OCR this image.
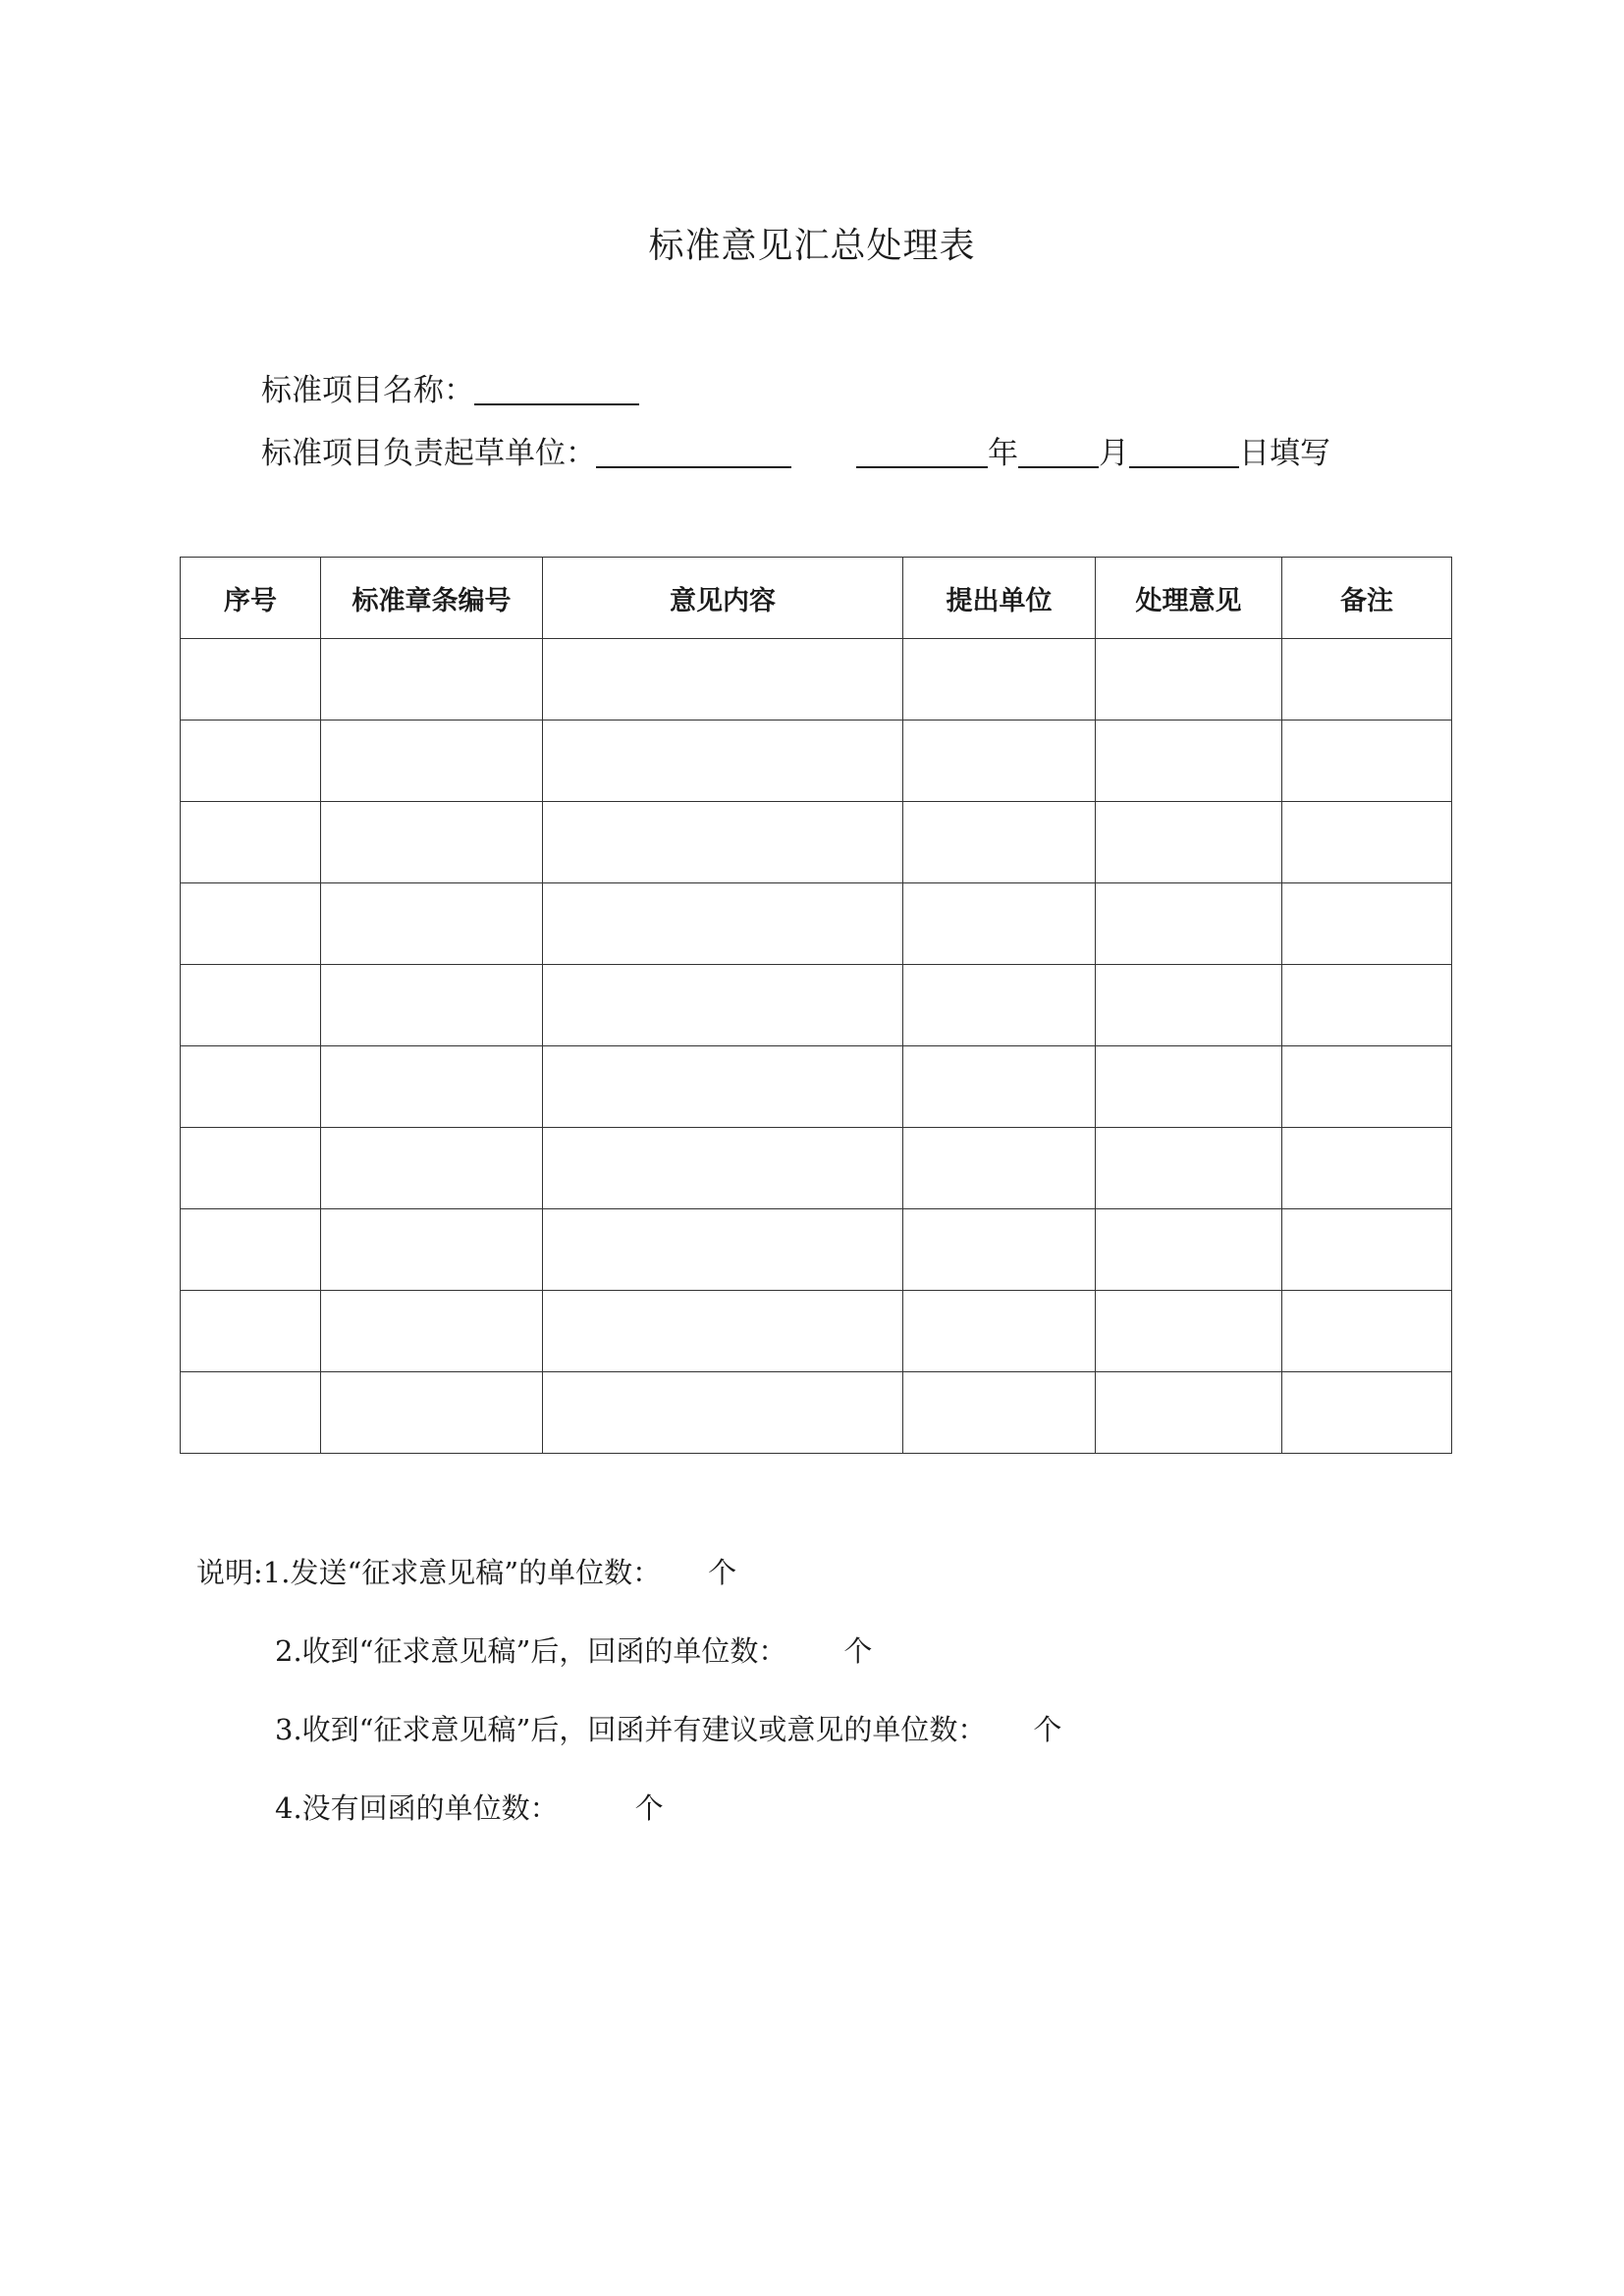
标准意见汇总处理表
标准项目名称：
标准项目负责起草单位：	年	月	日填写
序号	标准章条编号	意见内容	提出单位	处理意见	备注

说明:1.发送“征求意见稿”的单位数： 个
2.收到“征求意见稿”后，回函的单位数： 个
3.收到“征求意见稿”后，回函并有建议或意见的单位数： 个
4.没有回函的单位数：	个
